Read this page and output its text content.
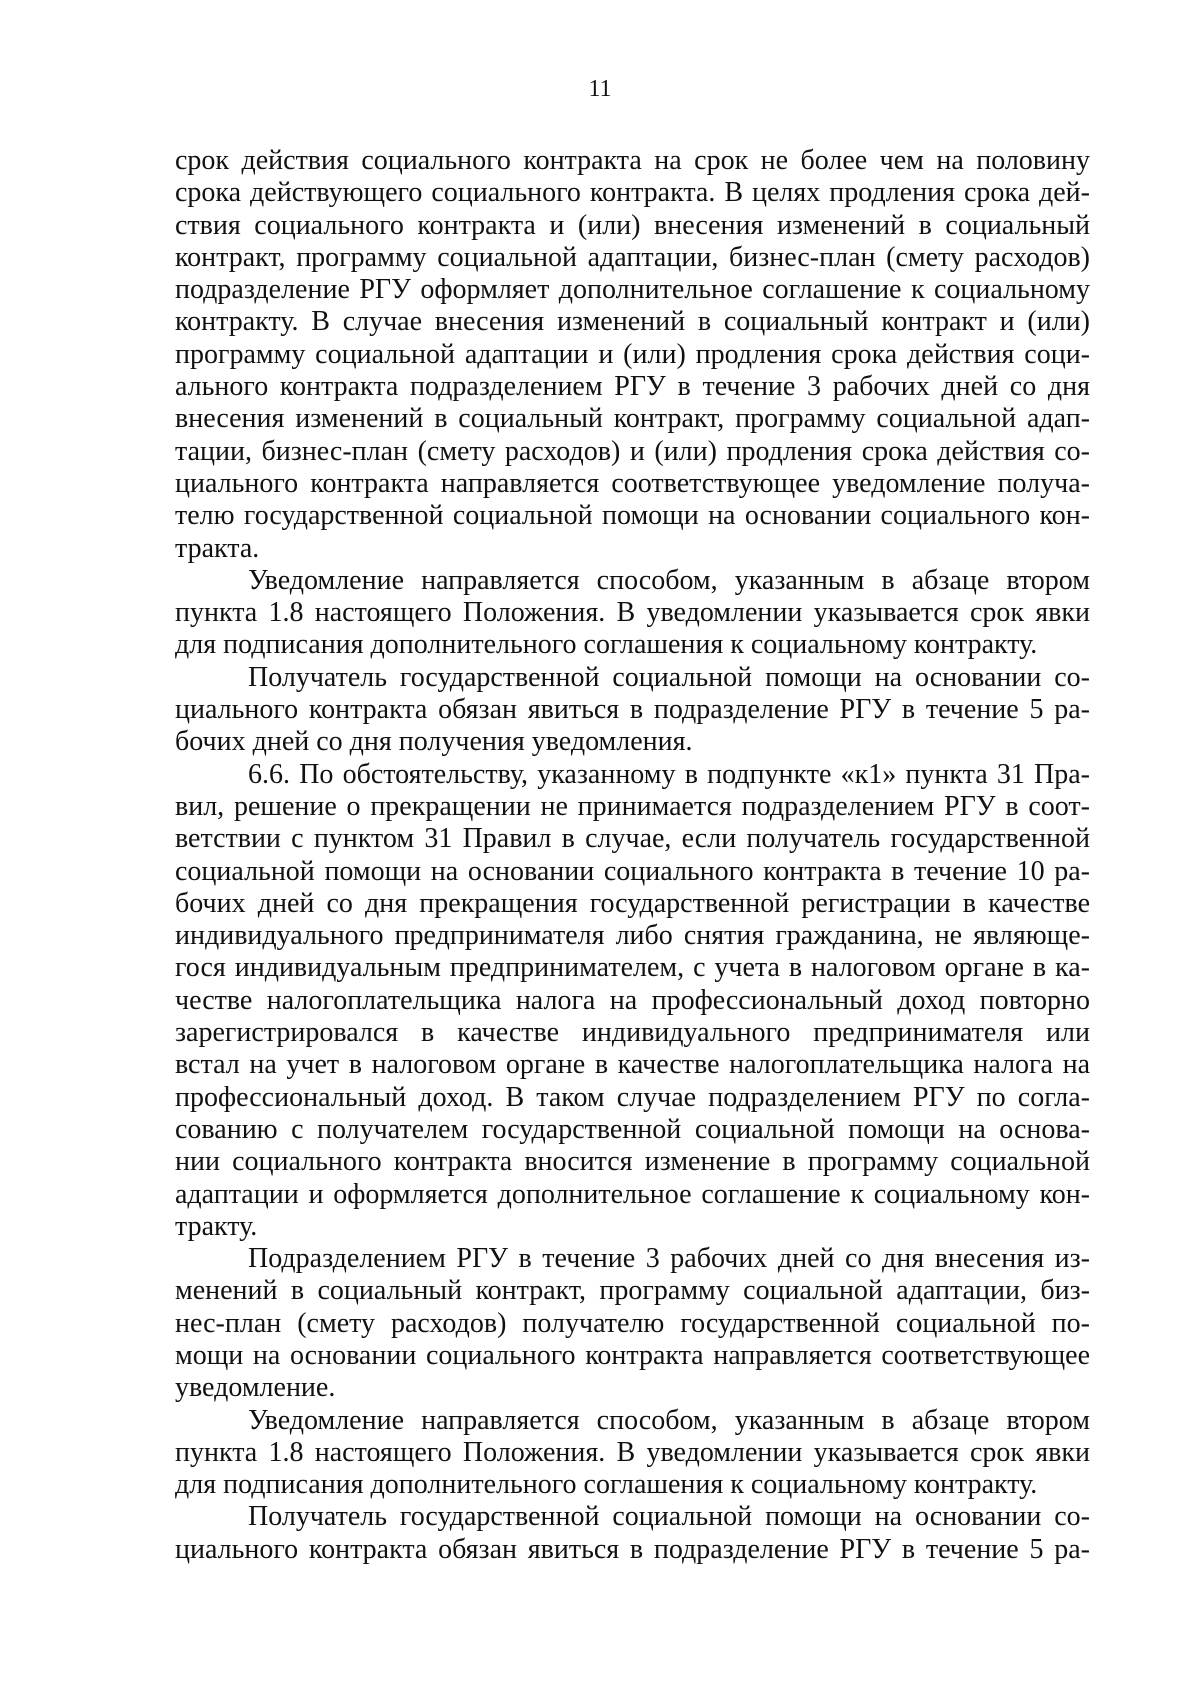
11
срок действия социального контракта на срок не более чем на половину
срока действующего социального контракта. В целях продления срока дей-
ствия социального контракта и (или) внесения изменений в социальный
контракт, программу социальной адаптации, бизнес-план (смету расходов)
подразделение РГУ оформляет дополнительное соглашение к социальному
контракту. В случае внесения изменений в социальный контракт и (или)
программу социальной адаптации и (или) продления срока действия соци-
ального контракта подразделением РГУ в течение 3 рабочих дней со дня
внесения изменений в социальный контракт, программу социальной адап-
тации, бизнес-план (смету расходов) и (или) продления срока действия со-
циального контракта направляется соответствующее уведомление получа-
телю государственной социальной помощи на основании социального кон-
тракта.
Уведомление направляется способом, указанным в абзаце втором
пункта 1.8 настоящего Положения. В уведомлении указывается срок явки
для подписания дополнительного соглашения к социальному контракту.
Получатель государственной социальной помощи на основании со-
циального контракта обязан явиться в подразделение РГУ в течение 5 ра-
бочих дней со дня получения уведомления.
6.6. По обстоятельству, указанному в подпункте «к1» пункта 31 Пра-
вил, решение о прекращении не принимается подразделением РГУ в соот-
ветствии с пунктом 31 Правил в случае, если получатель государственной
социальной помощи на основании социального контракта в течение 10 ра-
бочих дней со дня прекращения государственной регистрации в качестве
индивидуального предпринимателя либо снятия гражданина, не являюще-
гося индивидуальным предпринимателем, с учета в налоговом органе в ка-
честве налогоплательщика налога на профессиональный доход повторно
зарегистрировался в качестве индивидуального предпринимателя или
встал на учет в налоговом органе в качестве налогоплательщика налога на
профессиональный доход. В таком случае подразделением РГУ по согла-
сованию с получателем государственной социальной помощи на основа-
нии социального контракта вносится изменение в программу социальной
адаптации и оформляется дополнительное соглашение к социальному кон-
тракту.
Подразделением РГУ в течение 3 рабочих дней со дня внесения из-
менений в социальный контракт, программу социальной адаптации, биз-
нес-план (смету расходов) получателю государственной социальной по-
мощи на основании социального контракта направляется соответствующее
уведомление.
Уведомление направляется способом, указанным в абзаце втором
пункта 1.8 настоящего Положения. В уведомлении указывается срок явки
для подписания дополнительного соглашения к социальному контракту.
Получатель государственной социальной помощи на основании со-
циального контракта обязан явиться в подразделение РГУ в течение 5 ра-
